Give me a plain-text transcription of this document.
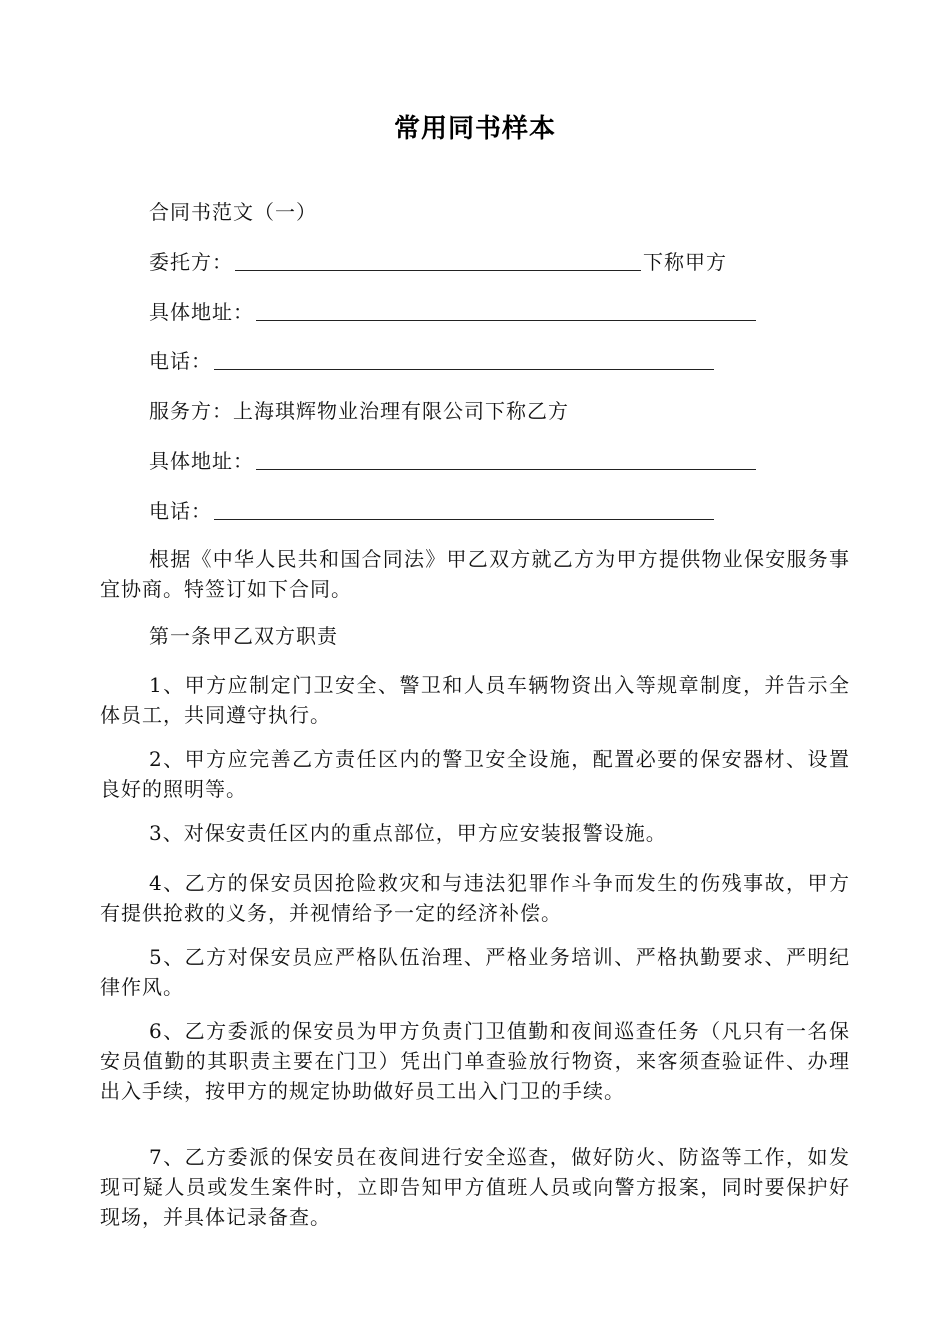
常用同书样本
合同书范文（一）
委托方：	下称甲方
具体地址：
电话：
服务方：上海琪辉物业治理有限公司下称乙方
具体地址：
电话：
根据《中华人民共和国合同法》甲乙双方就乙方为甲方提供物业保安服务事宜协商。特签订如下合同。
第一条甲乙双方职责
1、甲方应制定门卫安全、警卫和人员车辆物资出入等规章制度，并告示全体员工，共同遵守执行。
2、甲方应完善乙方责任区内的警卫安全设施，配置必要的保安器材、设置良好的照明等。
3、对保安责任区内的重点部位，甲方应安装报警设施。
4、乙方的保安员因抢险救灾和与违法犯罪作斗争而发生的伤残事故，甲方有提供抢救的义务，并视情给予一定的经济补偿。
5、乙方对保安员应严格队伍治理、严格业务培训、严格执勤要求、严明纪律作风。
6、乙方委派的保安员为甲方负责门卫值勤和夜间巡查任务（凡只有一名保安员值勤的其职责主要在门卫）凭出门单查验放行物资，来客须查验证件、办理出入手续，按甲方的规定协助做好员工出入门卫的手续。
7、乙方委派的保安员在夜间进行安全巡查，做好防火、防盗等工作，如发现可疑人员或发生案件时，立即告知甲方值班人员或向警方报案，同时要保护好现场，并具体记录备查。
